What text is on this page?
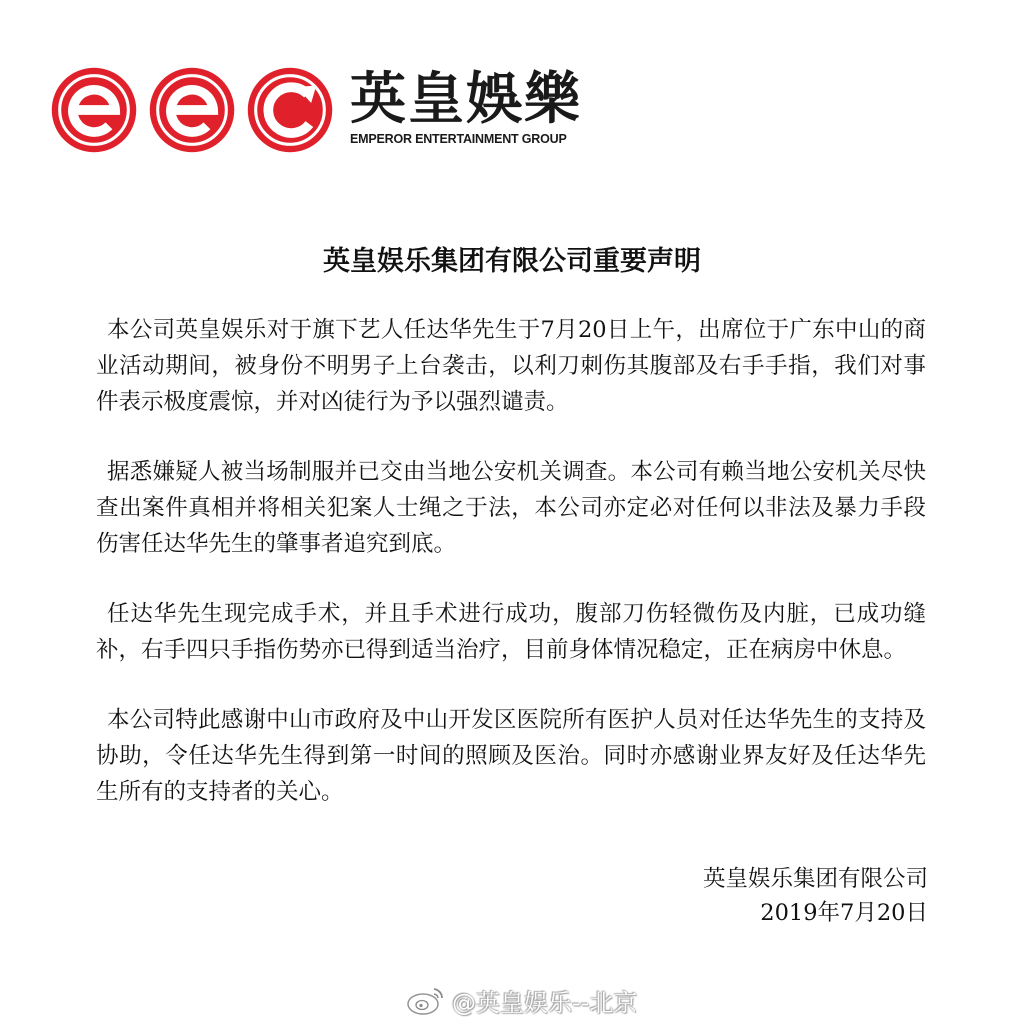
英皇娛樂
EMPEROR ENTERTAINMENT GROUP
英皇娱乐集团有限公司重要声明

本公司英皇娱乐对于旗下艺人任达华先生于7月20日上午，出席位于广东中山的商业活动期间，被身份不明男子上台袭击，以利刀刺伤其腹部及右手手指，我们对事件表示极度震惊，并对凶徒行为予以强烈谴责。

据悉嫌疑人被当场制服并已交由当地公安机关调查。本公司有赖当地公安机关尽快查出案件真相并将相关犯案人士绳之于法，本公司亦定必对任何以非法及暴力手段伤害任达华先生的肇事者追究到底。

任达华先生现完成手术，并且手术进行成功，腹部刀伤轻微伤及内脏，已成功缝补，右手四只手指伤势亦已得到适当治疗，目前身体情况稳定，正在病房中休息。

本公司特此感谢中山市政府及中山开发区医院所有医护人员对任达华先生的支持及协助，令任达华先生得到第一时间的照顾及医治。同时亦感谢业界友好及任达华先生所有的支持者的关心。

英皇娱乐集团有限公司
2019年7月20日
@英皇娱乐--北京
